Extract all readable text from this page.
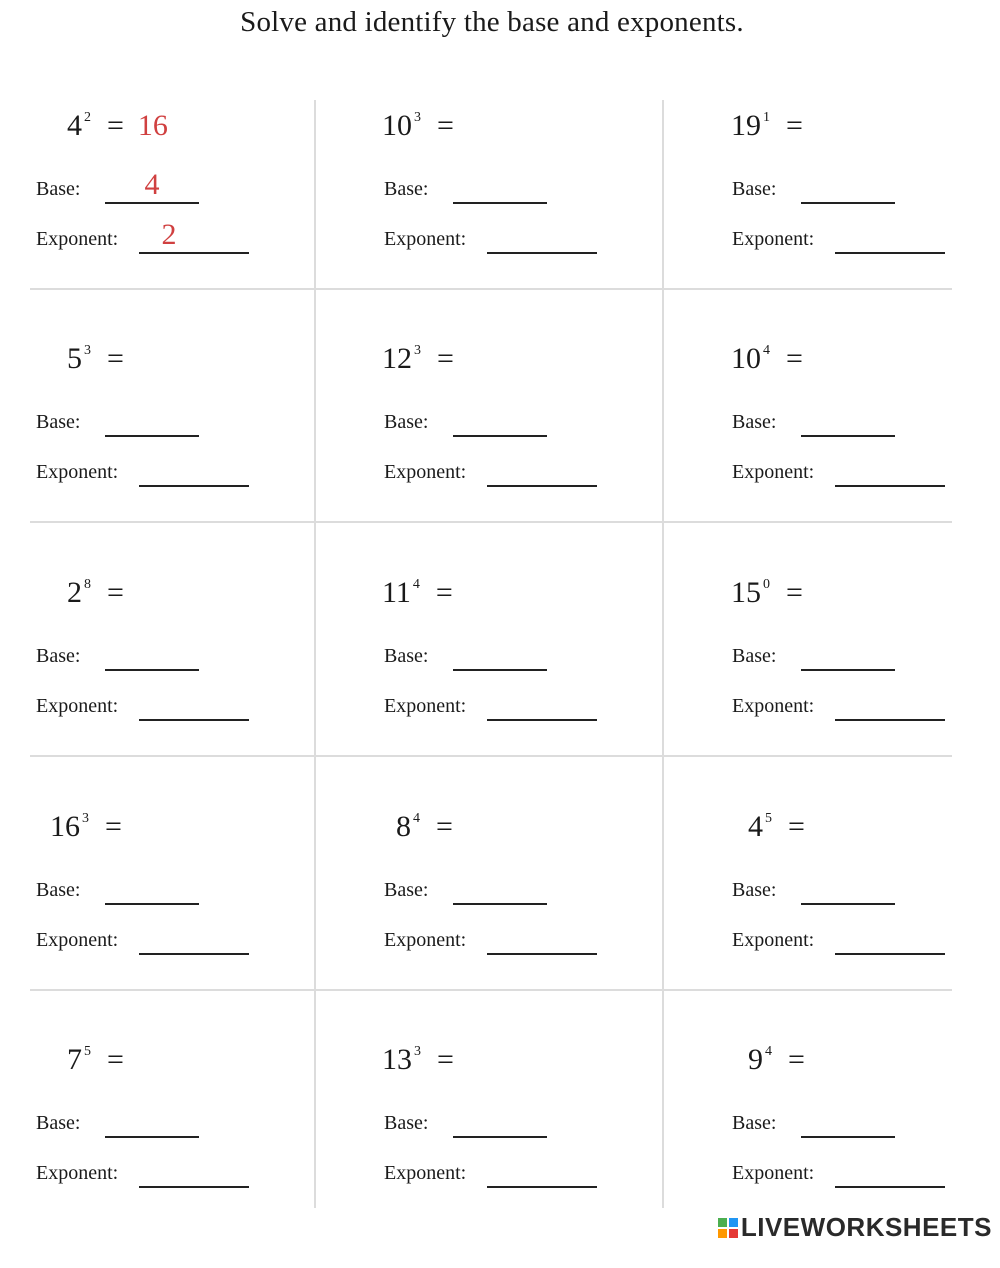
Solve and identify the base and exponents.
4 $^2$ = 16
Base:
Exponent:
4
2
10 $^3$ =
Base:
Exponent:
19 $^1$ =
Base:
Exponent:
5 $^3$ =
Base:
Exponent:
12 $^3$ =
Base:
Exponent:
10 $^4$ =
Base:
Exponent:
2 $^8$ =
Base:
Exponent:
11 $^4$ =
Base:
Exponent:
15 $^0$ =
Base:
Exponent:
16 $^3$ =
Base:
Exponent:
8 $^4$ =
Base:
Exponent:
4 $^5$ =
Base:
Exponent:
7 $^5$ =
Base:
Exponent:
13 $^3$ =
Base:
Exponent:
9 $^4$ =
Base:
Exponent:
LIVEWORKSHEETS
